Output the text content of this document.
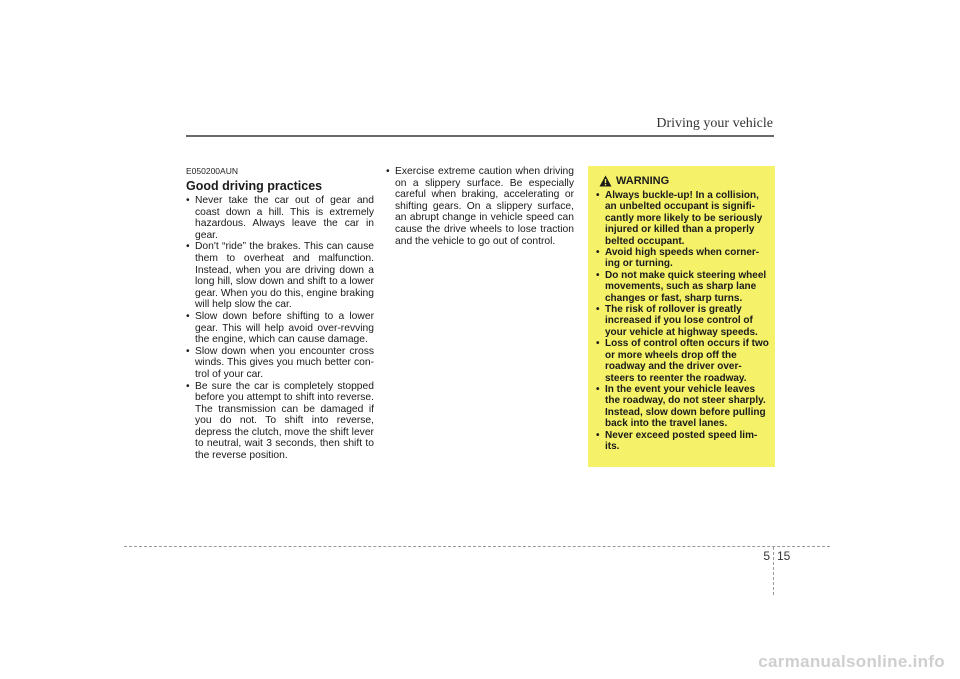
Driving your vehicle
E050200AUN
Good driving practices
• Never take the car out of gear and coast down a hill. This is extremely hazardous. Always leave the car in gear.
• Don't “ride” the brakes. This can cause them to overheat and malfunction. Instead, when you are driving down a long hill, slow down and shift to a lower gear. When you do this, engine braking will help slow the car.
• Slow down before shifting to a lower gear. This will help avoid over-revving the engine, which can cause damage.
• Slow down when you encounter cross winds. This gives you much better con-trol of your car.
• Be sure the car is completely stopped before you attempt to shift into reverse. The transmission can be damaged if you do not. To shift into reverse, depress the clutch, move the shift lever to neutral, wait 3 seconds, then shift to the reverse position.
• Exercise extreme caution when driving on a slippery surface. Be especially careful when braking, accelerating or shifting gears. On a slippery surface, an abrupt change in vehicle speed can cause the drive wheels to lose traction and the vehicle to go out of control.
WARNING
• Always buckle-up! In a collision, an unbelted occupant is signifi-cantly more likely to be seriously injured or killed than a properly belted occupant.
• Avoid high speeds when corner-ing or turning.
• Do not make quick steering wheel movements, such as sharp lane changes or fast, sharp turns.
• The risk of rollover is greatly increased if you lose control of your vehicle at highway speeds.
• Loss of control often occurs if two or more wheels drop off the roadway and the driver over-steers to reenter the roadway.
• In the event your vehicle leaves the roadway, do not steer sharply. Instead, slow down before pulling back into the travel lanes.
• Never exceed posted speed lim-its.
5 15
carmanualsonline.info
